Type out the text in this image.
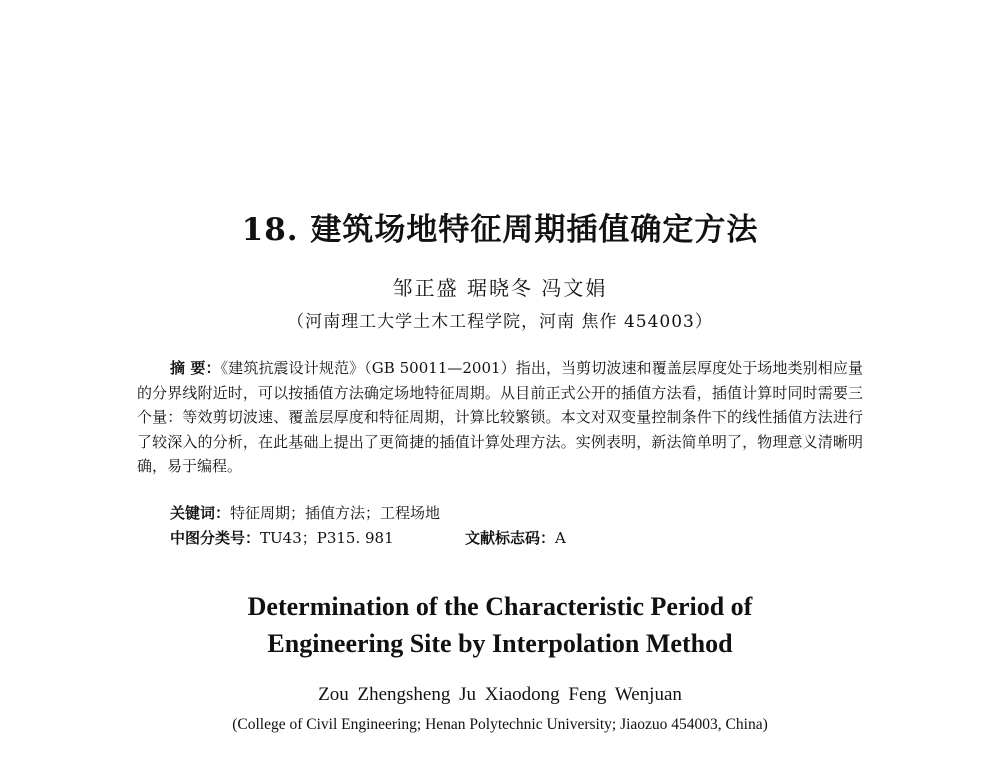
18. 建筑场地特征周期插值确定方法
邹正盛 琚晓冬 冯文娟
（河南理工大学土木工程学院，河南 焦作 454003）
摘 要：《建筑抗震设计规范》（GB 50011—2001）指出，当剪切波速和覆盖层厚度处于场地类别相应量的分界线附近时，可以按插值方法确定场地特征周期。从目前正式公开的插值方法看，插值计算时同时需要三个量：等效剪切波速、覆盖层厚度和特征周期，计算比较繁锁。本文对双变量控制条件下的线性插值方法进行了较深入的分析，在此基础上提出了更简捷的插值计算处理方法。实例表明，新法简单明了，物理意义清晰明确，易于编程。
关键词：特征周期；插值方法；工程场地
中图分类号：TU43；P315. 981	文献标志码：A
Determination of the Characteristic Period of
Engineering Site by Interpolation Method
Zou Zhengsheng Ju Xiaodong Feng Wenjuan
(College of Civil Engineering; Henan Polytechnic University; Jiaozuo 454003, China)
